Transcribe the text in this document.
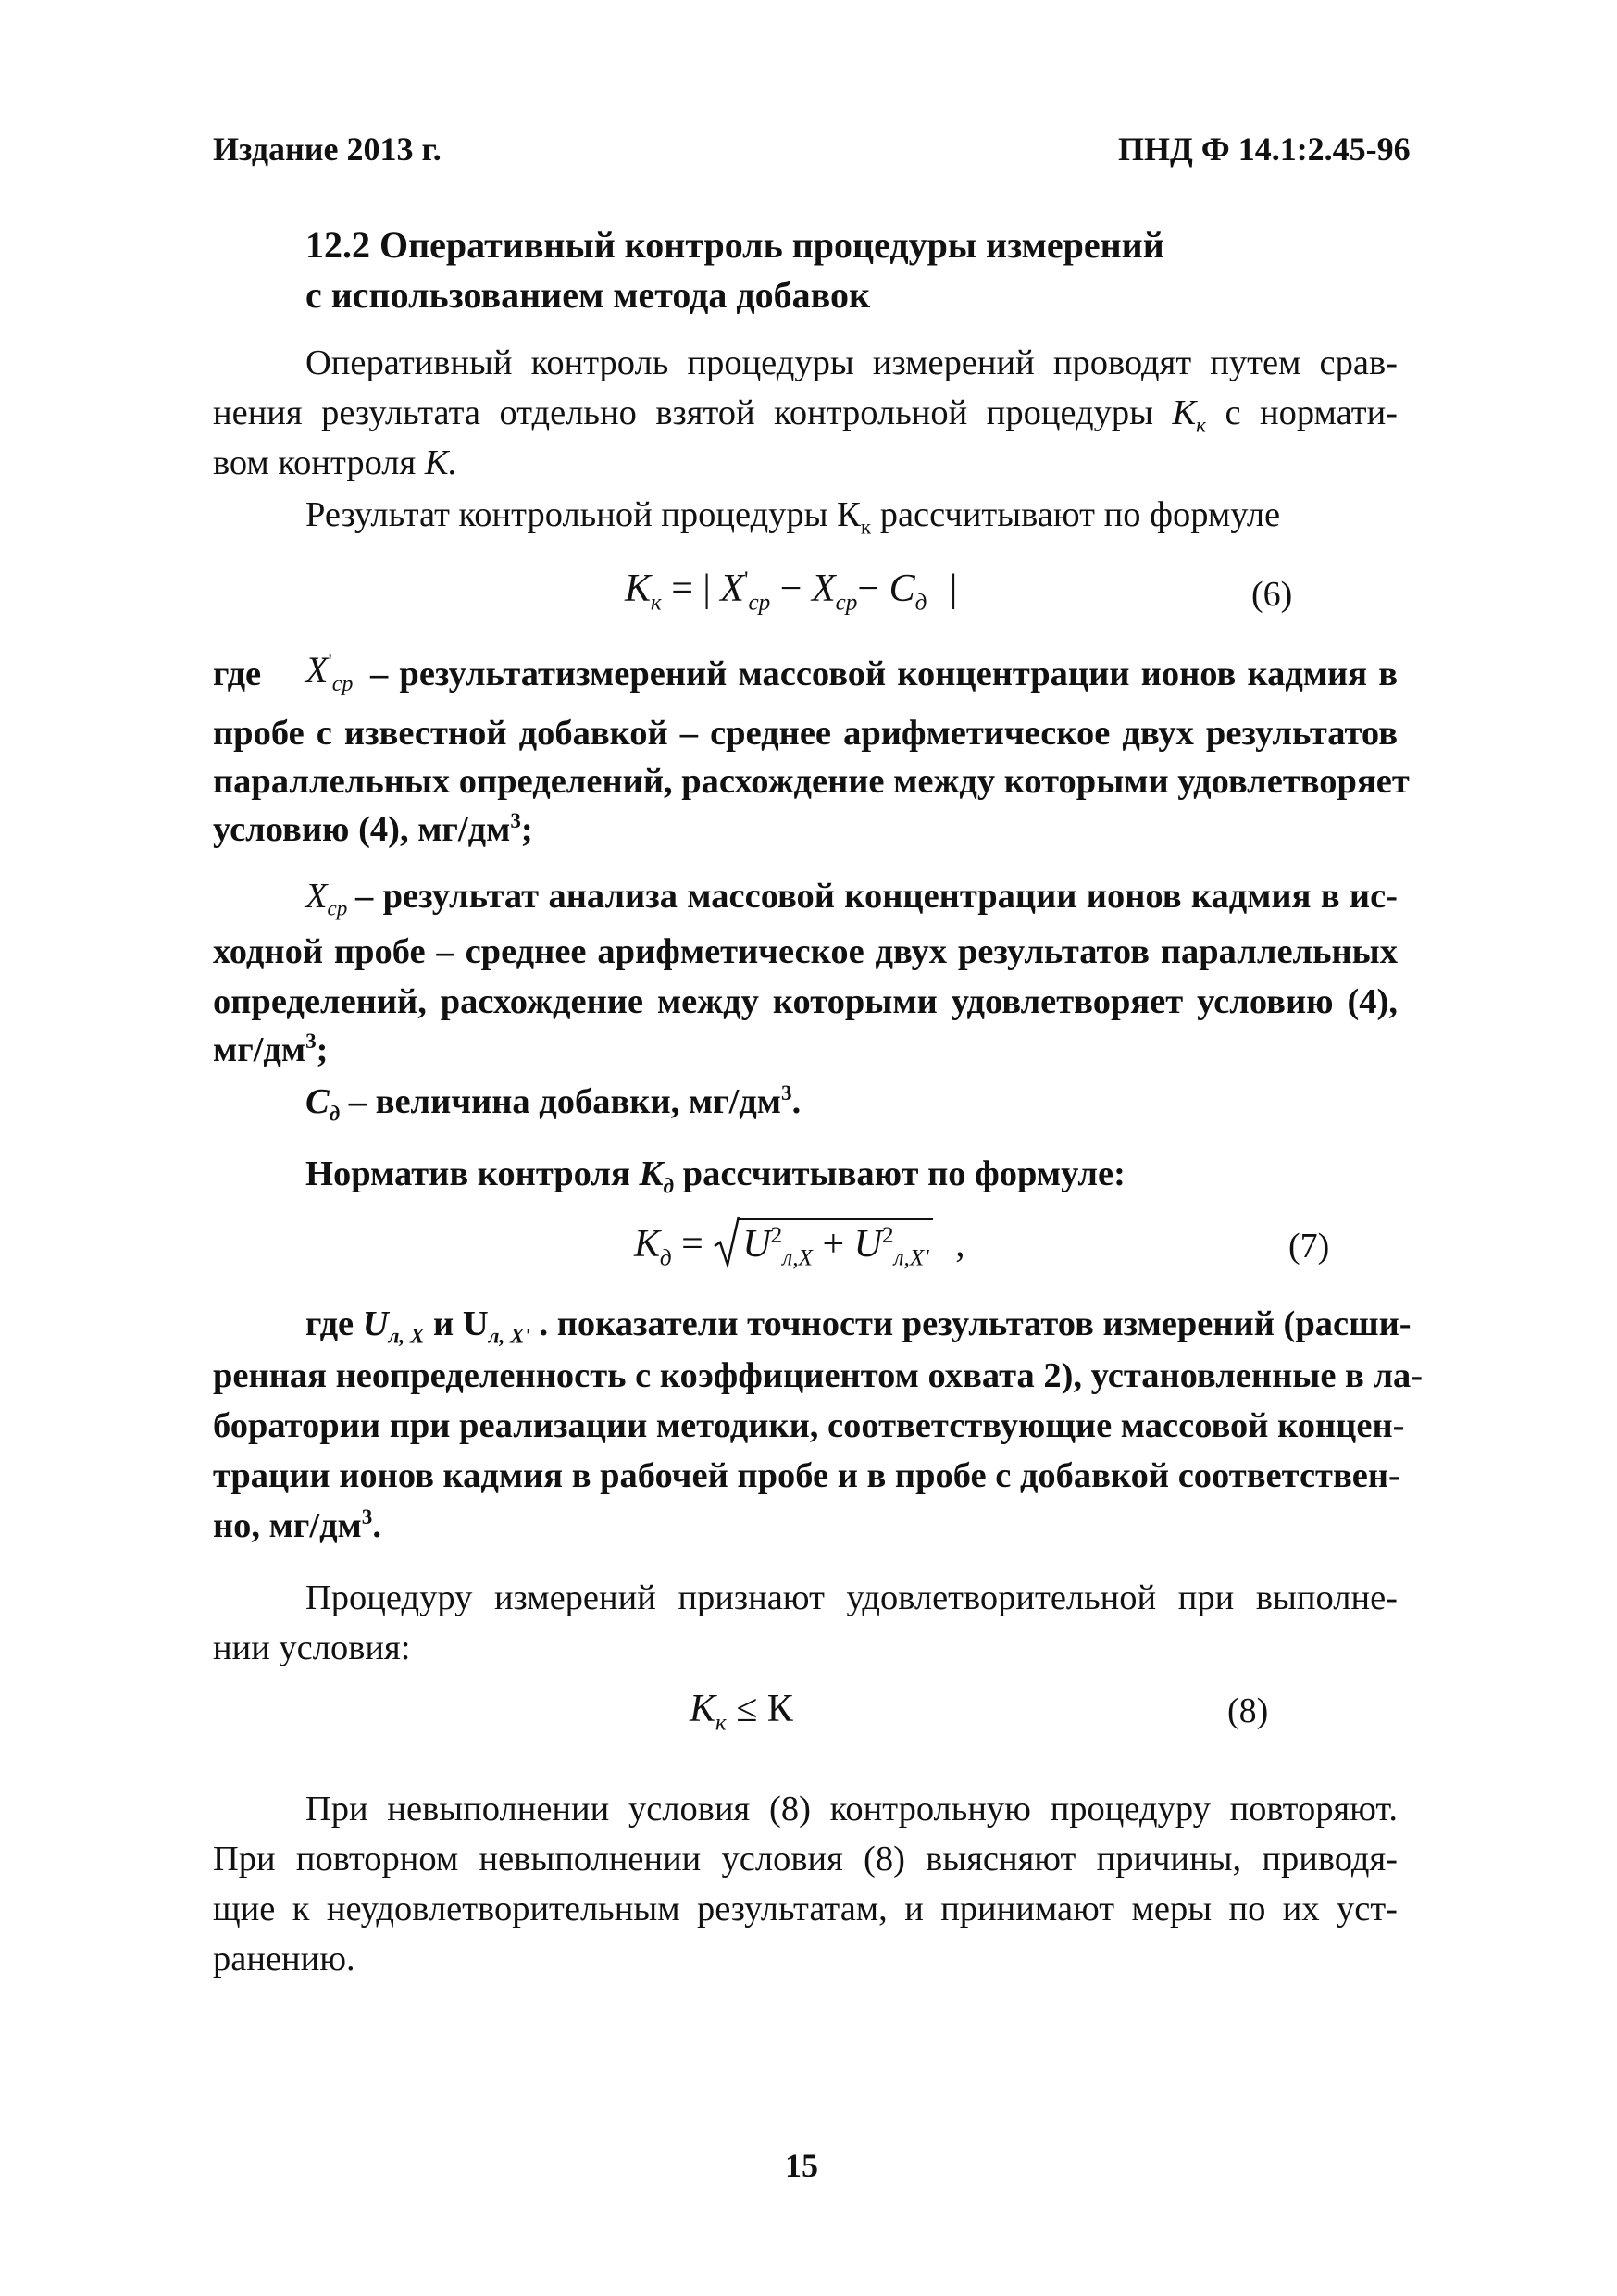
Издание 2013 г.	ПНД Ф 14.1:2.45-96
12.2 Оперативный контроль процедуры измерений
с использованием метода добавок
Оперативный контроль процедуры измерений проводят путем срав-
нения результата отдельно взятой контрольной процедуры $К_к$ с нормати-
вом контроля К.
Результат контрольной процедуры $К_к$ рассчитывают по формуле
$К_к$ = | $X'_{ср} - X_{ср}- С_д$ |	(6)
где $X'_{ср}$ – результатизмерений массовой концентрации ионов кадмия в
пробе с известной добавкой – среднее арифметическое двух результатов
параллельных определений, расхождение между которыми удовлетворяет
условию (4), $мг/дм^3$;
$X_{ср}$ – результат анализа массовой концентрации ионов кадмия в ис-
ходной пробе – среднее арифметическое двух результатов параллельных
определений, расхождение между которыми удовлетворяет условию (4),
$мг/дм^3$;
$С_д$ – величина добавки, $мг/дм^3$.
Норматив контроля $К_д$ рассчитывают по формуле:
$К_д = U^2_{л,X} + U^2_{л,X'}$ ,	(7)
где $U_{л, X}$ и $U_{л, X'}$ . показатели точности результатов измерений (расши-
ренная неопределенность с коэффициентом охвата 2), установленные в ла-
боратории при реализации методики, соответствующие массовой концен-
трации ионов кадмия в рабочей пробе и в пробе с добавкой соответствен-
но, $мг/дм^3$.
Процедуру измерений признают удовлетворительной при выполне-
нии условия:
$К_к \le К$	(8)
При невыполнении условия (8) контрольную процедуру повторяют.
При повторном невыполнении условия (8) выясняют причины, приводя-
щие к неудовлетворительным результатам, и принимают меры по их уст-
ранению.
15
